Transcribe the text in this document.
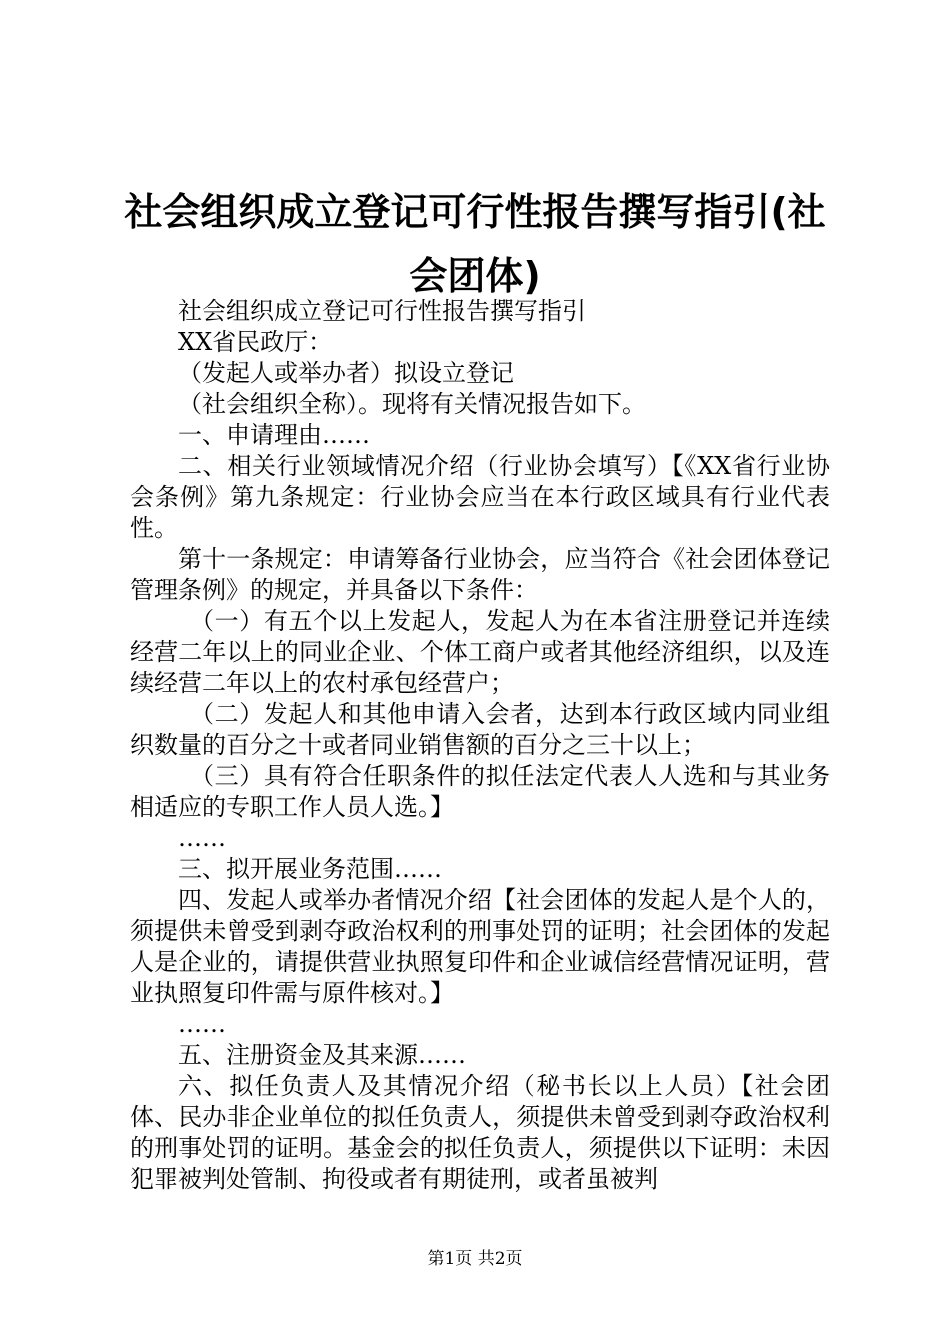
社会组织成立登记可行性报告撰写指引(社会团体)

社会组织成立登记可行性报告撰写指引

XX省民政厅：

（发起人或举办者）拟设立登记

（社会组织全称）。现将有关情况报告如下。

一、申请理由……

二、相关行业领域情况介绍（行业协会填写）【《XX省行业协会条例》第九条规定：行业协会应当在本行政区域具有行业代表性。

第十一条规定：申请筹备行业协会，应当符合《社会团体登记管理条例》的规定，并具备以下条件：

（一）有五个以上发起人，发起人为在本省注册登记并连续经营二年以上的同业企业、个体工商户或者其他经济组织，以及连续经营二年以上的农村承包经营户；

（二）发起人和其他申请入会者，达到本行政区域内同业组织数量的百分之十或者同业销售额的百分之三十以上；

（三）具有符合任职条件的拟任法定代表人人选和与其业务相适应的专职工作人员人选。】

……

三、拟开展业务范围……

四、发起人或举办者情况介绍【社会团体的发起人是个人的，须提供未曾受到剥夺政治权利的刑事处罚的证明；社会团体的发起人是企业的，请提供营业执照复印件和企业诚信经营情况证明，营业执照复印件需与原件核对。】

……

五、注册资金及其来源……

六、拟任负责人及其情况介绍（秘书长以上人员）【社会团体、民办非企业单位的拟任负责人，须提供未曾受到剥夺政治权利的刑事处罚的证明。基金会的拟任负责人，须提供以下证明：未因犯罪被判处管制、拘役或者有期徒刑，或者虽被判

第1页 共2页
